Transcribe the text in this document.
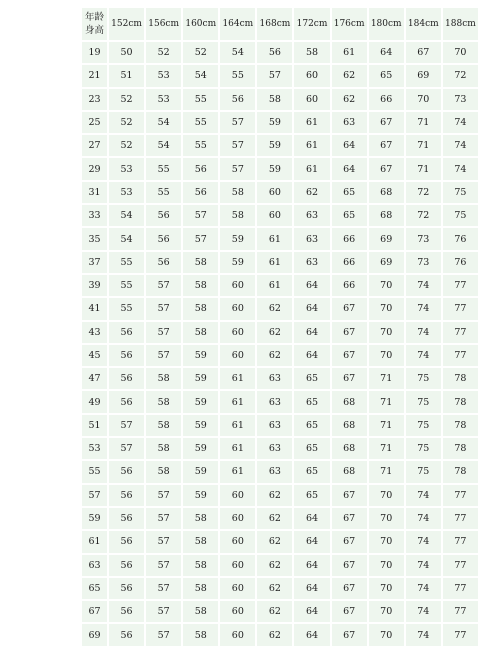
年龄
身高	152cm	156cm	160cm	164cm	168cm	172cm	176cm	180cm	184cm	188cm
19	50	52	52	54	56	58	61	64	67	70
21	51	53	54	55	57	60	62	65	69	72
23	52	53	55	56	58	60	62	66	70	73
25	52	54	55	57	59	61	63	67	71	74
27	52	54	55	57	59	61	64	67	71	74
29	53	55	56	57	59	61	64	67	71	74
31	53	55	56	58	60	62	65	68	72	75
33	54	56	57	58	60	63	65	68	72	75
35	54	56	57	59	61	63	66	69	73	76
37	55	56	58	59	61	63	66	69	73	76
39	55	57	58	60	61	64	66	70	74	77
41	55	57	58	60	62	64	67	70	74	77
43	56	57	58	60	62	64	67	70	74	77
45	56	57	59	60	62	64	67	70	74	77
47	56	58	59	61	63	65	67	71	75	78
49	56	58	59	61	63	65	68	71	75	78
51	57	58	59	61	63	65	68	71	75	78
53	57	58	59	61	63	65	68	71	75	78
55	56	58	59	61	63	65	68	71	75	78
57	56	57	59	60	62	65	67	70	74	77
59	56	57	58	60	62	64	67	70	74	77
61	56	57	58	60	62	64	67	70	74	77
63	56	57	58	60	62	64	67	70	74	77
65	56	57	58	60	62	64	67	70	74	77
67	56	57	58	60	62	64	67	70	74	77
69	56	57	58	60	62	64	67	70	74	77
